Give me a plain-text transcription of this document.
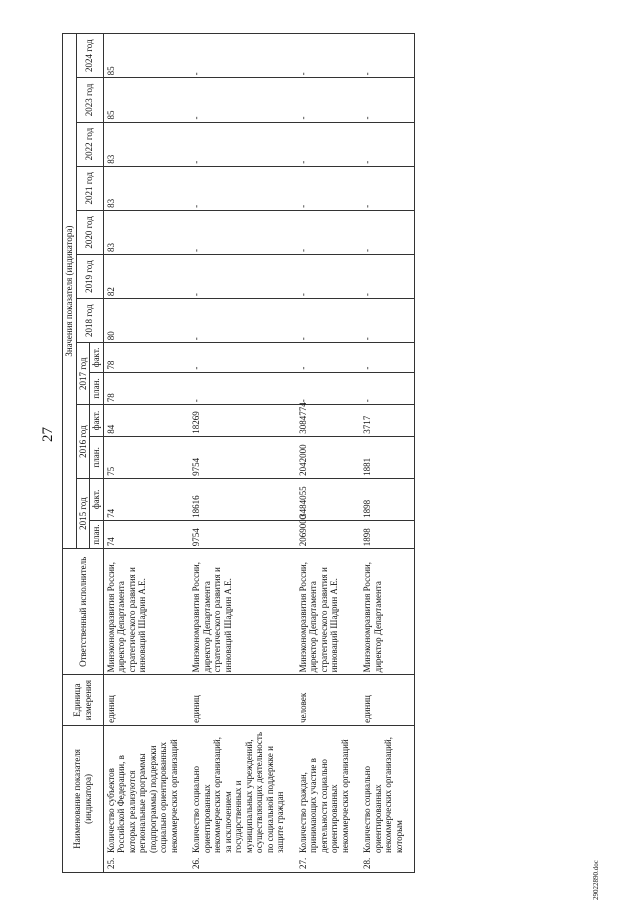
27
Наименование показателя (индикатора)	Единица измерения	Ответственный исполнитель	Значения показателя (индикатора)												
			2015 год		2016 год		2017 год		2018 год	2019 год	2020 год	2021 год	2022 год	2023 год	2024 год
			план.	факт.	план.	факт.	план.	факт.							

25.
Количество субъектов Российской Федерации, в которых реализуются региональные программы (подпрограммы) поддержки социально ориентированных некоммерческих организаций	единиц	Минэкономразвития России, директор Департамента стратегического развития и инноваций Шадрин А.Е.	74	74	75	84	78	78	80	82	83	83	83	85	85

26.
Количество социально ориентированных некоммерческих организаций, за исключением государственных и муниципальных учреждений, осуществляющих деятельность по социальной поддержке и защите граждан	единиц	Минэкономразвития России, директор Департамента стратегического развития и инноваций Шадрин А.Е.	9754	18616	9754	18269	-	-	-	-	-	-	-	-	-

27.
Количество граждан, принимающих участие в деятельности социально ориентированных некоммерческих организаций	человек	Минэкономразвития России, директор Департамента стратегического развития и инноваций Шадрин А.Е.	2069000	3484055	2042000	3084774	-	-	-	-	-	-	-	-	-

28.
Количество социально ориентированных некоммерческих организаций, которым	единиц	Минэкономразвития России, директор Департамента	1898	1898	1881	3717	-	-	-	-	-	-	-	-	-
29022890.doc
